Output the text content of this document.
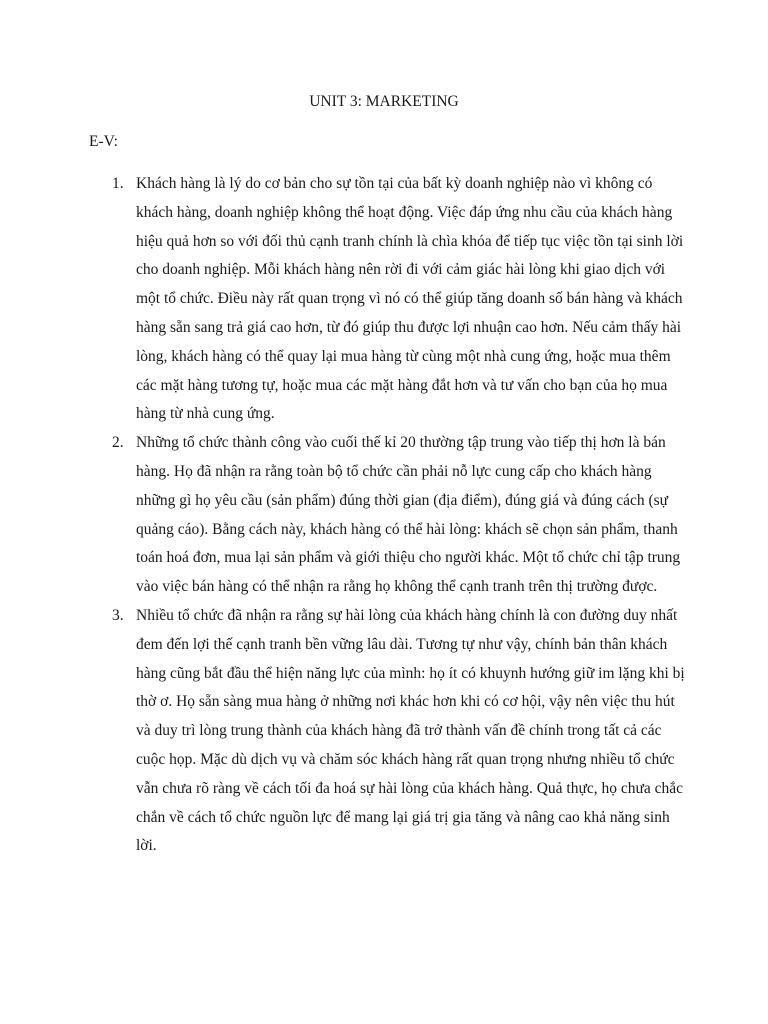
UNIT 3: MARKETING
E-V:
1. Khách hàng là lý do cơ bản cho sự tồn tại của bất kỳ doanh nghiệp nào vì không có khách hàng, doanh nghiệp không thể hoạt động. Việc đáp ứng nhu cầu của khách hàng hiệu quả hơn so với đối thủ cạnh tranh chính là chìa khóa để tiếp tục việc tồn tại sinh lời cho doanh nghiệp. Mỗi khách hàng nên rời đi với cảm giác hài lòng khi giao dịch với một tổ chức. Điều này rất quan trọng vì nó có thể giúp tăng doanh số bán hàng và khách hàng sẵn sang trả giá cao hơn, từ đó giúp thu được lợi nhuận cao hơn. Nếu cảm thấy hài lòng, khách hàng có thể quay lại mua hàng từ cùng một nhà cung ứng, hoặc mua thêm các mặt hàng tương tự, hoặc mua các mặt hàng đắt hơn và tư vấn cho bạn của họ mua hàng từ nhà cung ứng.
2. Những tổ chức thành công vào cuối thế kỉ 20 thường tập trung vào tiếp thị hơn là bán hàng. Họ đã nhận ra rằng toàn bộ tổ chức cần phải nỗ lực cung cấp cho khách hàng những gì họ yêu cầu (sản phẩm) đúng thời gian (địa điểm), đúng giá và đúng cách (sự quảng cáo). Bằng cách này, khách hàng có thể hài lòng: khách sẽ chọn sản phẩm, thanh toán hoá đơn, mua lại sản phẩm và giới thiệu cho người khác. Một tổ chức chỉ tập trung vào việc bán hàng có thể nhận ra rằng họ không thể cạnh tranh trên thị trường được.
3. Nhiều tổ chức đã nhận ra rằng sự hài lòng của khách hàng chính là con đường duy nhất đem đến lợi thế cạnh tranh bền vững lâu dài. Tương tự như vậy, chính bản thân khách hàng cũng bắt đầu thể hiện năng lực của mình: họ ít có khuynh hướng giữ im lặng khi bị thờ ơ. Họ sẵn sàng mua hàng ở những nơi khác hơn khi có cơ hội, vậy nên việc thu hút và duy trì lòng trung thành của khách hàng đã trở thành vấn đề chính trong tất cả các cuộc họp. Mặc dù dịch vụ và chăm sóc khách hàng rất quan trọng nhưng nhiều tổ chức vẫn chưa rõ ràng về cách tối đa hoá sự hài lòng của khách hàng. Quả thực, họ chưa chắc chắn về cách tổ chức nguồn lực để mang lại giá trị gia tăng và nâng cao khả năng sinh lời.
